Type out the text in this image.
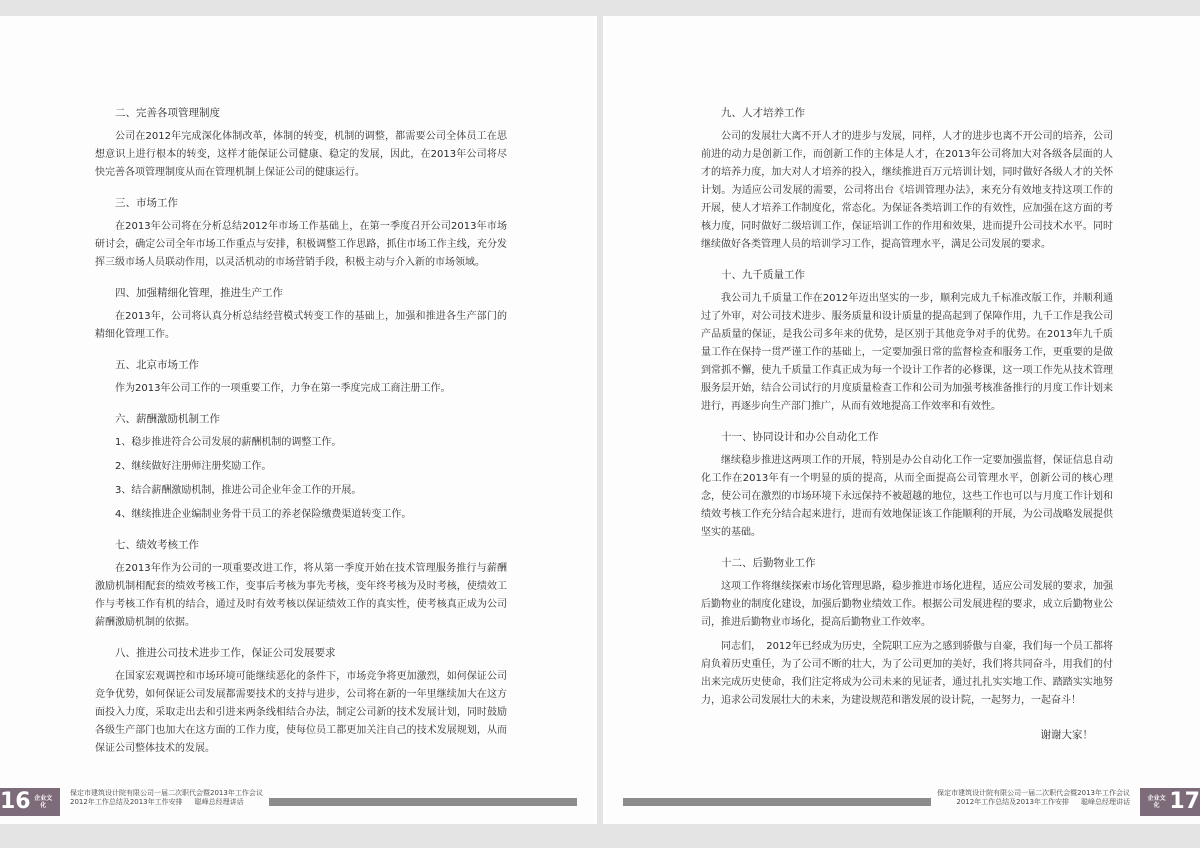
二、完善各项管理制度

公司在2012年完成深化体制改革，体制的转变，机制的调整，都需要公司全体员工在思想意识上进行根本的转变，这样才能保证公司健康、稳定的发展，因此，在2013年公司将尽快完善各项管理制度从而在管理机制上保证公司的健康运行。

三、市场工作

在2013年公司将在分析总结2012年市场工作基础上，在第一季度召开公司2013年市场研讨会，确定公司全年市场工作重点与安排，积极调整工作思路，抓住市场工作主线，充分发挥三级市场人员联动作用，以灵活机动的市场营销手段，积极主动与介入新的市场领域。

四、加强精细化管理，推进生产工作

在2013年，公司将认真分析总结经营模式转变工作的基础上，加强和推进各生产部门的精细化管理工作。

五、北京市场工作

作为2013年公司工作的一项重要工作，力争在第一季度完成工商注册工作。

六、薪酬激励机制工作

1、稳步推进符合公司发展的薪酬机制的调整工作。

2、继续做好注册师注册奖励工作。

3、结合薪酬激励机制，推进公司企业年金工作的开展。

4、继续推进企业编制业务骨干员工的养老保险缴费渠道转变工作。

七、绩效考核工作

在2013年作为公司的一项重要改进工作，将从第一季度开始在技术管理服务推行与薪酬激励机制相配套的绩效考核工作，变事后考核为事先考核，变年终考核为及时考核，使绩效工作与考核工作有机的结合，通过及时有效考核以保证绩效工作的真实性，使考核真正成为公司薪酬激励机制的依据。

八、推进公司技术进步工作，保证公司发展要求

在国家宏观调控和市场环境可能继续恶化的条件下，市场竞争将更加激烈，如何保证公司竞争优势，如何保证公司发展都需要技术的支持与进步，公司将在新的一年里继续加大在这方面投入力度，采取走出去和引进来两条线相结合办法，制定公司新的技术发展计划，同时鼓励各级生产部门也加大在这方面的工作力度，使每位员工都更加关注自己的技术发展规划，从而保证公司整体技术的发展。

16 企业文化
保定市建筑设计院有限公司一届二次职代会暨2013年工作会议
2012年工作总结及2013年工作安排 聪峰总经理讲话
九、人才培养工作

公司的发展壮大离不开人才的进步与发展，同样，人才的进步也离不开公司的培养，公司前进的动力是创新工作，而创新工作的主体是人才，在2013年公司将加大对各级各层面的人才的培养力度，加大对人才培养的投入，继续推进百万元培训计划，同时做好各级人才的关怀计划。为适应公司发展的需要，公司将出台《培训管理办法》，来充分有效地支持这项工作的开展，使人才培养工作制度化，常态化。为保证各类培训工作的有效性，应加强在这方面的考核力度，同时做好二级培训工作，保证培训工作的作用和效果，进而提升公司技术水平。同时继续做好各类管理人员的培训学习工作，提高管理水平，满足公司发展的要求。

十、九千质量工作

我公司九千质量工作在2012年迈出坚实的一步，顺利完成九千标准改版工作，并顺利通过了外审，对公司技术进步、服务质量和设计质量的提高起到了保障作用，九千工作是我公司产品质量的保证，是我公司多年来的优势，是区别于其他竞争对手的优势。在2013年九千质量工作在保持一贯严谨工作的基础上，一定要加强日常的监督检查和服务工作，更重要的是做到常抓不懈，使九千质量工作真正成为每一个设计工作者的必修课，这一项工作先从技术管理服务层开始，结合公司试行的月度质量检查工作和公司为加强考核准备推行的月度工作计划来进行，再逐步向生产部门推广，从而有效地提高工作效率和有效性。

十一、协同设计和办公自动化工作

继续稳步推进这两项工作的开展，特别是办公自动化工作一定要加强监督，保证信息自动化工作在2013年有一个明显的质的提高，从而全面提高公司管理水平，创新公司的核心理念，使公司在激烈的市场环境下永远保持不被超越的地位，这些工作也可以与月度工作计划和绩效考核工作充分结合起来进行，进而有效地保证该工作能顺利的开展，为公司战略发展提供坚实的基础。

十二、后勤物业工作

这项工作将继续探索市场化管理思路，稳步推进市场化进程，适应公司发展的要求，加强后勤物业的制度化建设，加强后勤物业绩效工作。根据公司发展进程的要求，成立后勤物业公司，推进后勤物业市场化，提高后勤物业工作效率。

同志们，　2012年已经成为历史，全院职工应为之感到骄傲与自豪，我们每一个员工都将肩负着历史重任，为了公司不断的壮大，为了公司更加的美好，我们将共同奋斗，用我们的付出来完成历史使命，我们注定将成为公司未来的见证者，通过扎扎实实地工作、踏踏实实地努力，追求公司发展壮大的未来，为建设规范和谐发展的设计院，一起努力，一起奋斗！

谢谢大家！
企业文化 17
保定市建筑设计院有限公司一届二次职代会暨2013年工作会议
2012年工作总结及2013年工作安排 聪峰总经理讲话
